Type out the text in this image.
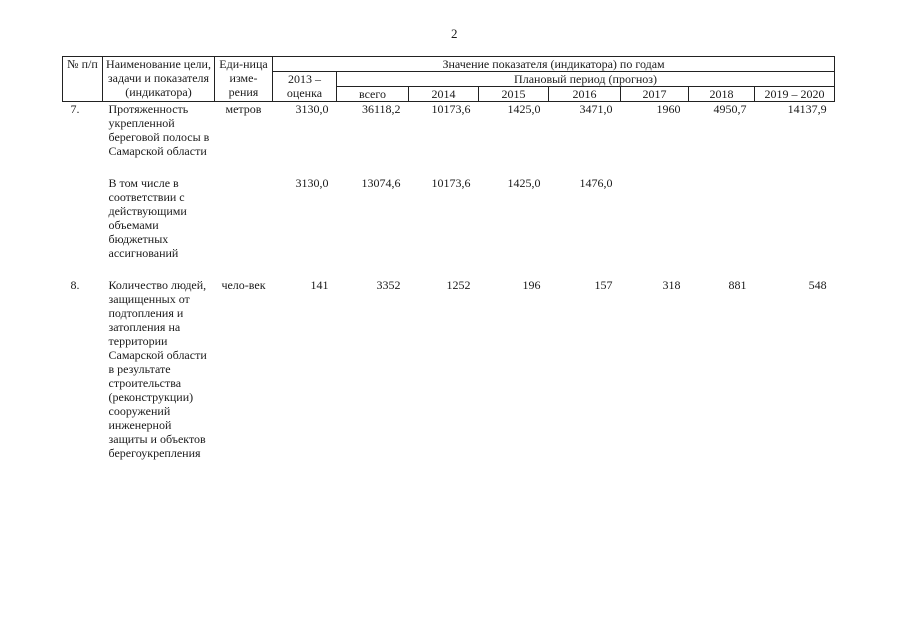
2
№ п/п	Наименование цели, задачи и показателя (индикатора)	Еди-ница изме-рения	Значение показателя (индикатора) по годам							
			2013 – оценка	Плановый период (прогноз)						
				всего	2014	2015	2016	2017	2018	2019 – 2020
7.	Протяженность укрепленной береговой полосы в Самарской области	метров	3130,0	36118,2	10173,6	1425,0	3471,0	1960	4950,7	14137,9

	В том числе в соответствии с действующими объемами бюджетных ассигнований		3130,0	13074,6	10173,6	1425,0	1476,0			

8.	Количество людей, защищенных от подтопления и затопления на территории Самарской области в результате строительства (реконструкции) сооружений инженерной защиты и объектов берегоукрепления	чело-век	141	3352	1252	196	157	318	881	548
